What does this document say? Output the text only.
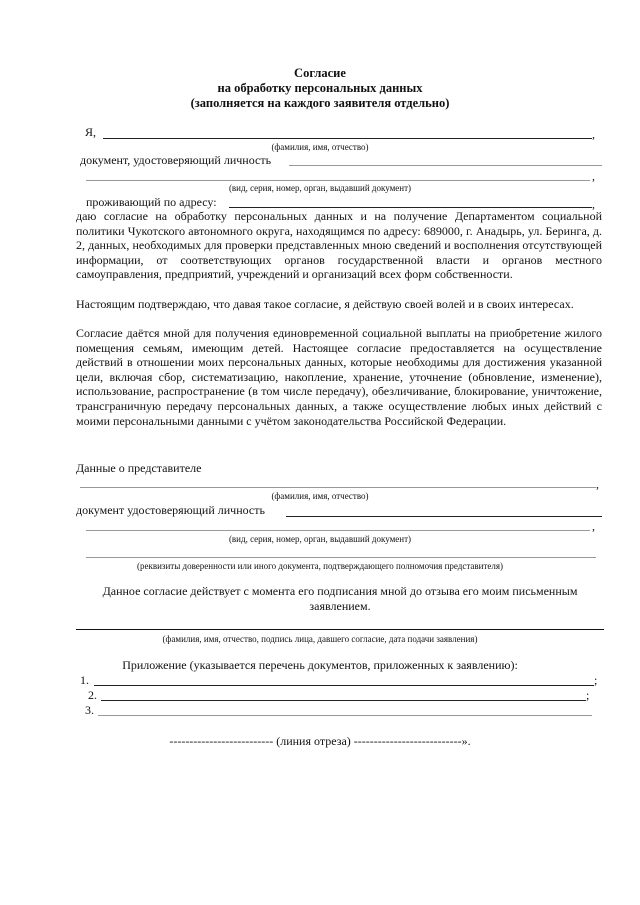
Согласие
на обработку персональных данных
(заполняется на каждого заявителя отдельно)
Я,	,
(фамилия, имя, отчество)
документ, удостоверяющий личность
,
(вид, серия, номер, орган, выдавший документ)
проживающий по адресу:	,
даю согласие на обработку персональных данных и на получение Департаментом социальной политики Чукотского автономного округа, находящимся по адресу: 689000, г. Анадырь, ул. Беринга, д. 2, данных, необходимых для проверки представленных мною сведений и восполнения отсутствующей информации, от соответствующих органов государственной власти и органов местного самоуправления, предприятий, учреждений и организаций всех форм собственности.
Настоящим подтверждаю, что давая такое согласие, я действую своей волей и в своих интересах.
Согласие даётся мной для получения единовременной социальной выплаты на приобретение жилого помещения семьям, имеющим детей. Настоящее согласие предоставляется на осуществление действий в отношении моих персональных данных, которые необходимы для достижения указанной цели, включая сбор, систематизацию, накопление, хранение, уточнение (обновление, изменение), использование, распространение (в том числе передачу), обезличивание, блокирование, уничтожение, трансграничную передачу персональных данных, а также осуществление любых иных действий с моими персональными данными с учётом законодательства Российской Федерации.
Данные о представителе
,
(фамилия, имя, отчество)
документ удостоверяющий личность
,
(вид, серия, номер, орган, выдавший документ)
(реквизиты доверенности или иного документа, подтверждающего полномочия представителя)
Данное согласие действует с момента его подписания мной до отзыва его моим письменным заявлением.
(фамилия, имя, отчество, подпись лица, давшего согласие, дата подачи заявления)
Приложение (указывается перечень документов, приложенных к заявлению):
1.	;
2.	;
3.
-------------------------- (линия отреза) ---------------------------».
